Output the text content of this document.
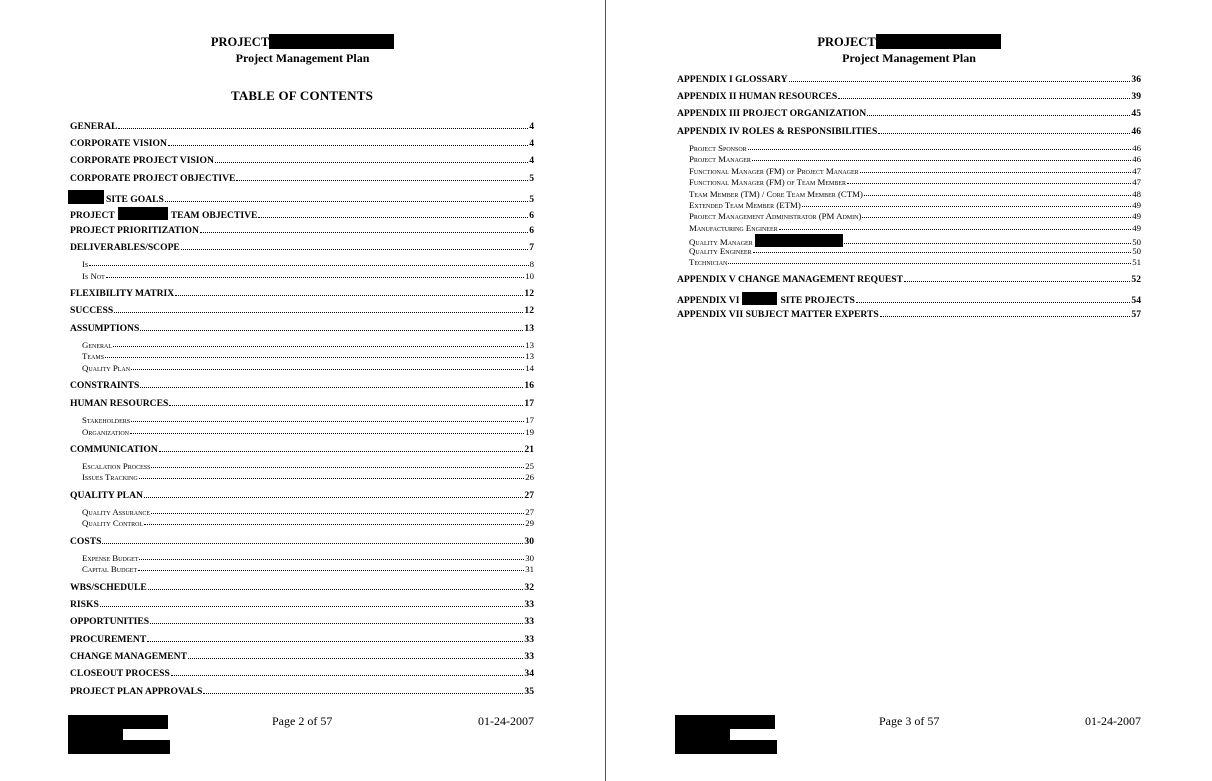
PROJECT
Project Management Plan
TABLE OF CONTENTS
GENERAL	4
CORPORATE VISION	4
CORPORATE PROJECT VISION	4
CORPORATE PROJECT OBJECTIVE	5
SITE GOALS	5
PROJECT	TEAM OBJECTIVE	6
PROJECT PRIORITIZATION	6
DELIVERABLES/SCOPE	7
Is	8
Is Not	10
FLEXIBILITY MATRIX	12
SUCCESS	12
ASSUMPTIONS	13
General	13
Teams	13
Quality Plan	14
CONSTRAINTS	16
HUMAN RESOURCES	17
Stakeholders	17
Organization	19
COMMUNICATION	21
Escalation Process	25
Issues Tracking	26
QUALITY PLAN	27
Quality Assurance	27
Quality Control	29
COSTS	30
Expense Budget	30
Capital Budget	31
WBS/SCHEDULE	32
RISKS	33
OPPORTUNITIES	33
PROCUREMENT	33
CHANGE MANAGEMENT	33
CLOSEOUT PROCESS	34
PROJECT PLAN APPROVALS	35
Page 2 of 57	01-24-2007
PROJECT
Project Management Plan
APPENDIX I GLOSSARY	36
APPENDIX II HUMAN RESOURCES	39
APPENDIX III PROJECT ORGANIZATION	45
APPENDIX IV ROLES & RESPONSIBILITIES	46
Project Sponsor	46
Project Manager	46
Functional Manager (FM) of Project Manager	47
Functional Manager (FM) of Team Member	47
Team Member (TM) / Core Team Member (CTM)	48
Extended Team Member (ETM)	49
Project Management Administrator (PM Admin)	49
Manufacturing Engineer	49
Quality Manager	50
Quality Engineer	50
Technician	51
APPENDIX V CHANGE MANAGEMENT REQUEST	52
APPENDIX VI	SITE PROJECTS	54
APPENDIX VII SUBJECT MATTER EXPERTS	57
Page 3 of 57	01-24-2007
